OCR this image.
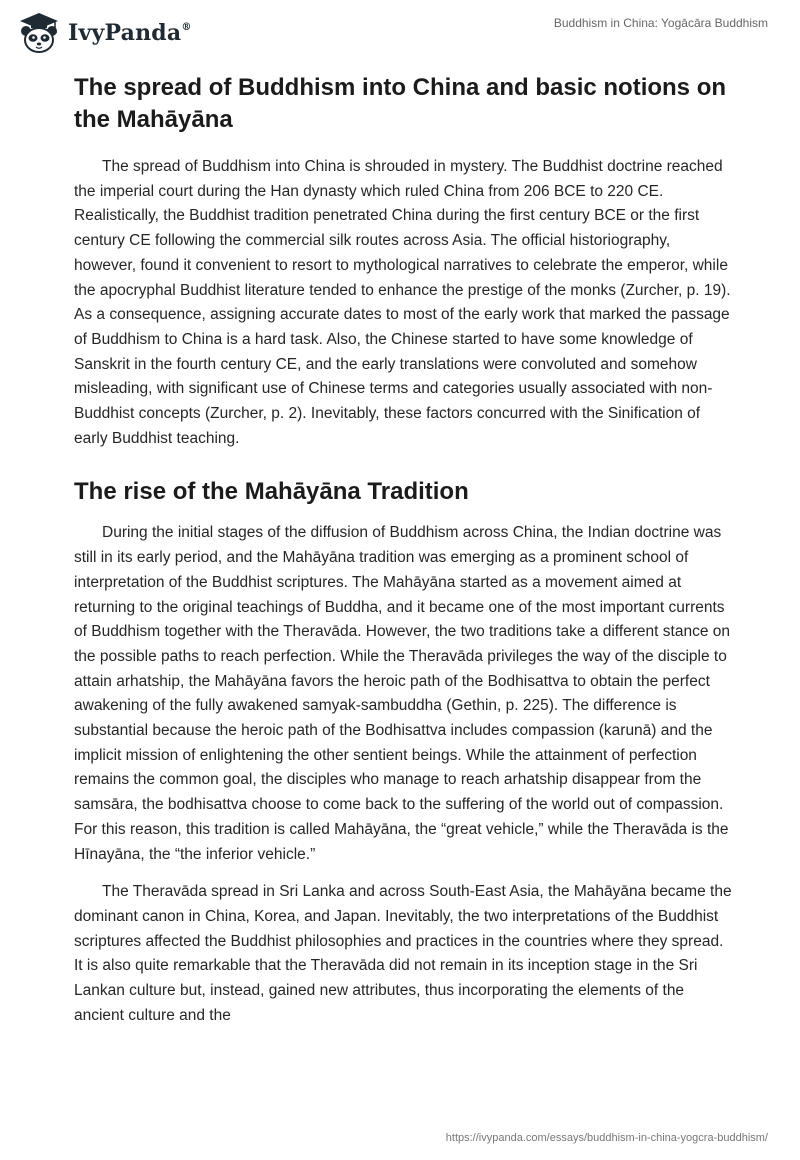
IvyPanda®	Buddhism in China: Yogācāra Buddhism
The spread of Buddhism into China and basic notions on the Mahāyāna

The spread of Buddhism into China is shrouded in mystery. The Buddhist doctrine reached the imperial court during the Han dynasty which ruled China from 206 BCE to 220 CE. Realistically, the Buddhist tradition penetrated China during the first century BCE or the first century CE following the commercial silk routes across Asia. The official historiography, however, found it convenient to resort to mythological narratives to celebrate the emperor, while the apocryphal Buddhist literature tended to enhance the prestige of the monks (Zurcher, p. 19). As a consequence, assigning accurate dates to most of the early work that marked the passage of Buddhism to China is a hard task. Also, the Chinese started to have some knowledge of Sanskrit in the fourth century CE, and the early translations were convoluted and somehow misleading, with significant use of Chinese terms and categories usually associated with non-Buddhist concepts (Zurcher, p. 2). Inevitably, these factors concurred with the Sinification of early Buddhist teaching.

The rise of the Mahāyāna Tradition

During the initial stages of the diffusion of Buddhism across China, the Indian doctrine was still in its early period, and the Mahāyāna tradition was emerging as a prominent school of interpretation of the Buddhist scriptures. The Mahāyāna started as a movement aimed at returning to the original teachings of Buddha, and it became one of the most important currents of Buddhism together with the Theravāda. However, the two traditions take a different stance on the possible paths to reach perfection. While the Theravāda privileges the way of the disciple to attain arhatship, the Mahāyāna favors the heroic path of the Bodhisattva to obtain the perfect awakening of the fully awakened samyak-sambuddha (Gethin, p. 225). The difference is substantial because the heroic path of the Bodhisattva includes compassion (karunā) and the implicit mission of enlightening the other sentient beings. While the attainment of perfection remains the common goal, the disciples who manage to reach arhatship disappear from the samsāra, the bodhisattva choose to come back to the suffering of the world out of compassion. For this reason, this tradition is called Mahāyāna, the “great vehicle,” while the Theravāda is the Hīnayāna, the “the inferior vehicle.”

The Theravāda spread in Sri Lanka and across South-East Asia, the Mahāyāna became the dominant canon in China, Korea, and Japan. Inevitably, the two interpretations of the Buddhist scriptures affected the Buddhist philosophies and practices in the countries where they spread. It is also quite remarkable that the Theravāda did not remain in its inception stage in the Sri Lankan culture but, instead, gained new attributes, thus incorporating the elements of the ancient culture and the

https://ivypanda.com/essays/buddhism-in-china-yogcra-buddhism/
